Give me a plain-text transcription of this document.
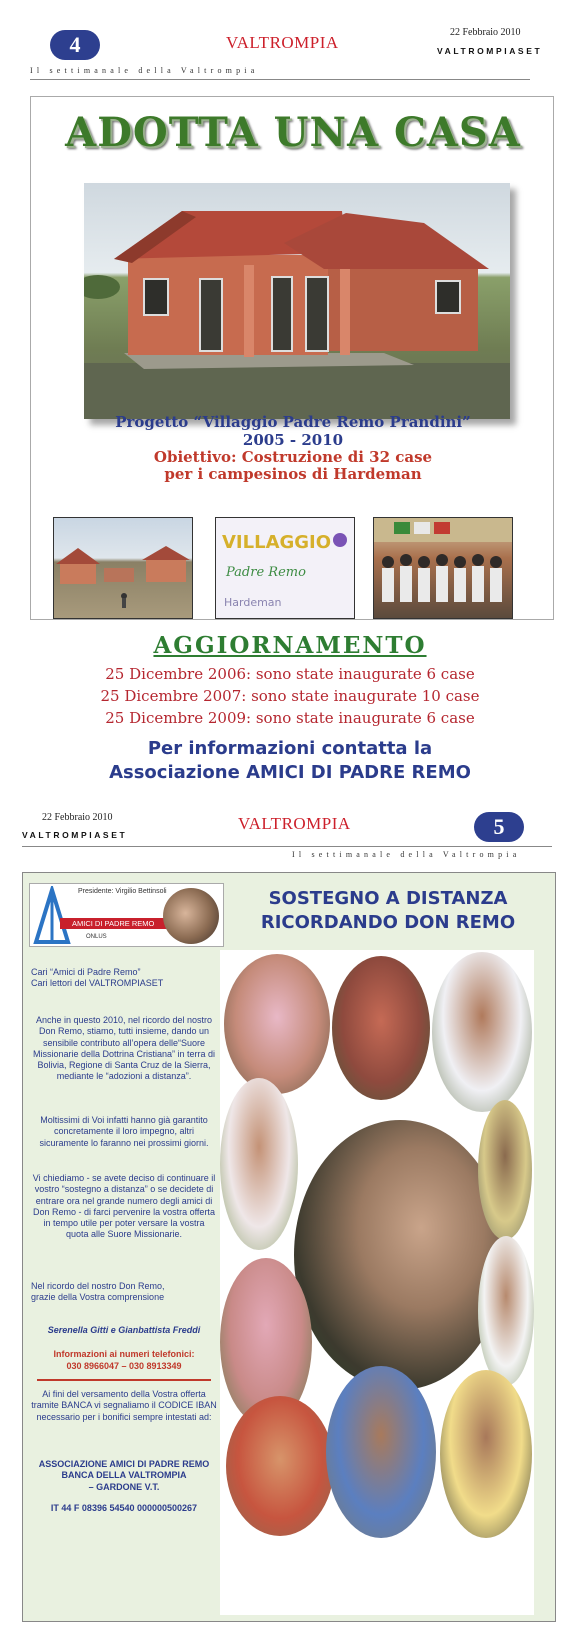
4	VALTROMPIA
22 Febbraio 2010
VALTROMPIASET
Il settimanale della Valtrompia
ADOTTA UNA CASA
Progetto “Villaggio Padre Remo Prandini”
2005 - 2010
Obiettivo: Costruzione di 32 case
per i campesinos di Hardeman
VILLAGGIO
Padre Remo
Hardeman
AGGIORNAMENTO
25 Dicembre 2006: sono state inaugurate 6 case
25 Dicembre 2007: sono state inaugurate 10 case
25 Dicembre 2009: sono state inaugurate 6 case
Per informazioni contatta la
Associazione AMICI DI PADRE REMO
22 Febbraio 2010
VALTROMPIASET
VALTROMPIA	5
Il settimanale della Valtrompia
Presidente: Virgilio Bettinsoli
AMICI DI PADRE REMO
ONLUS
SOSTEGNO A DISTANZA
RICORDANDO DON REMO

Cari “Amici di Padre Remo”

Cari lettori del VALTROMPIASET

Anche in questo 2010, nel ricordo del nostro Don Remo, stiamo, tutti insieme, dando un sensibile contributo all’opera delle“Suore Missionarie della Dottrina Cristiana” in terra di Bolivia, Regione di Santa Cruz de la Sierra, mediante le “adozioni a distanza”.
Moltissimi di Voi infatti hanno già garantito concretamente il loro impegno, altri sicuramente lo faranno nei prossimi giorni.
Vi chiediamo - se avete deciso di continuare il vostro “sostegno a distanza” o se decidete di entrare ora nel grande numero degli amici di Don Remo - di farci pervenire la vostra offerta in tempo utile per poter versare la vostra quota alle Suore Missionarie.

Nel ricordo del nostro Don Remo,

grazie della Vostra comprensione

Serenella Gitti e Gianbattista Freddi
Informazioni ai numeri telefonici:
030 8966047 – 030 8913349
Ai fini del versamento della Vostra offerta tramite BANCA vi segnaliamo il CODICE IBAN necessario per i bonifici sempre intestati ad:

ASSOCIAZIONE AMICI DI PADRE REMO

BANCA DELLA VALTROMPIA

– GARDONE V.T.

IT 44 F 08396 54540 000000500267
